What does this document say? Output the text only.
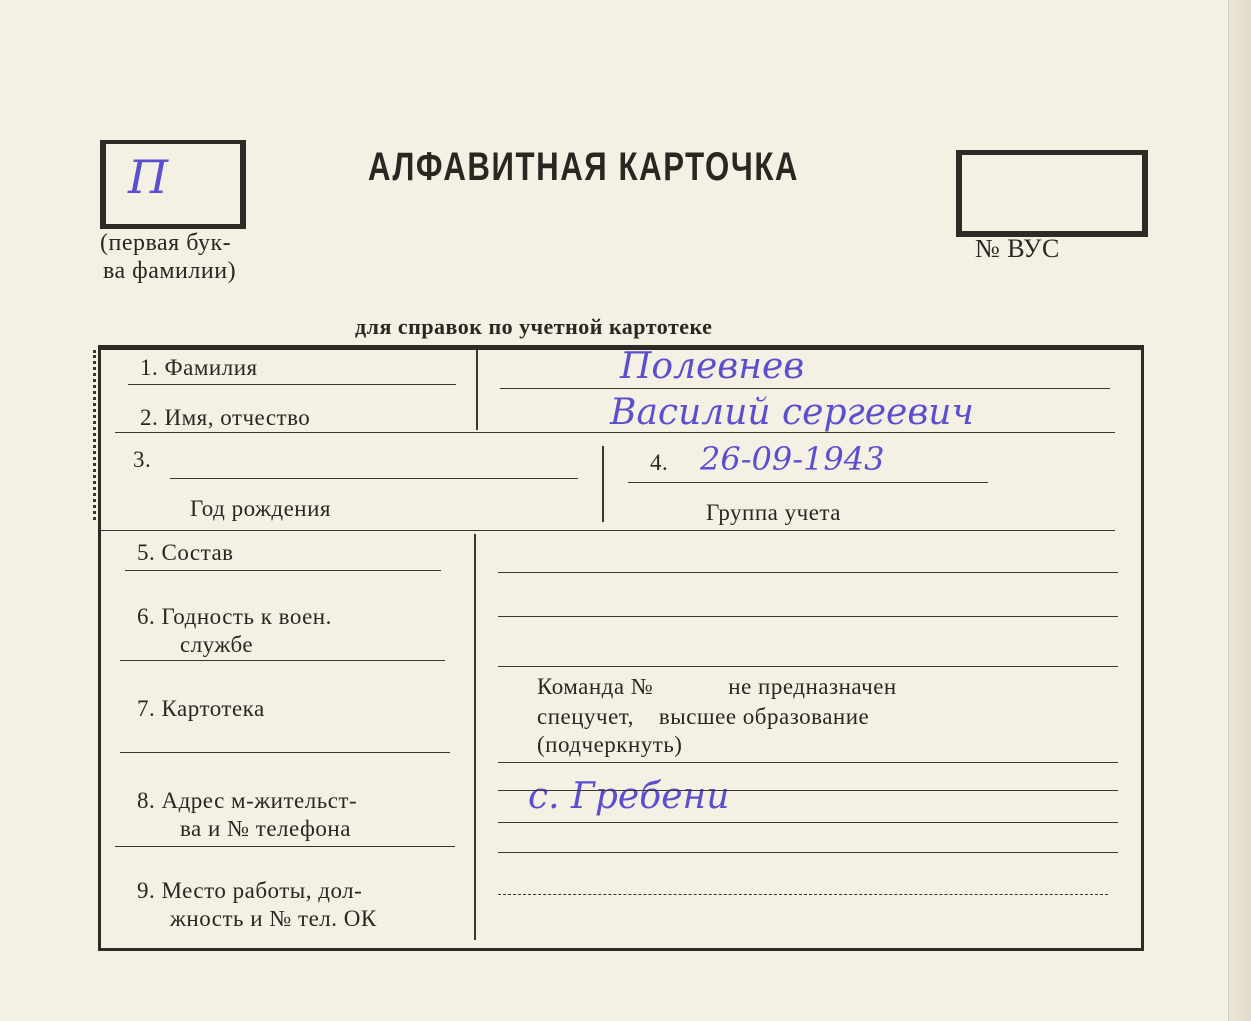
П
(первая бук-
ва фамилии)
АЛФАВИТНАЯ КАРТОЧКА
№ ВУС
для справок по учетной картотеке
1. Фамилия	Полевнев
2. Имя, отчество	Василий сергеевич
3.
Год рождения
4. 26-09-1943
Группа учета
5. Состав
6. Годность к воен.
службе
7. Картотека
Команда №            не предназначен
спецучет,    высшее образование
(подчеркнуть)
8. Адрес м-жительст-
ва и № телефона
с. Гребени
9. Место работы, дол-
жность и № тел. ОК
